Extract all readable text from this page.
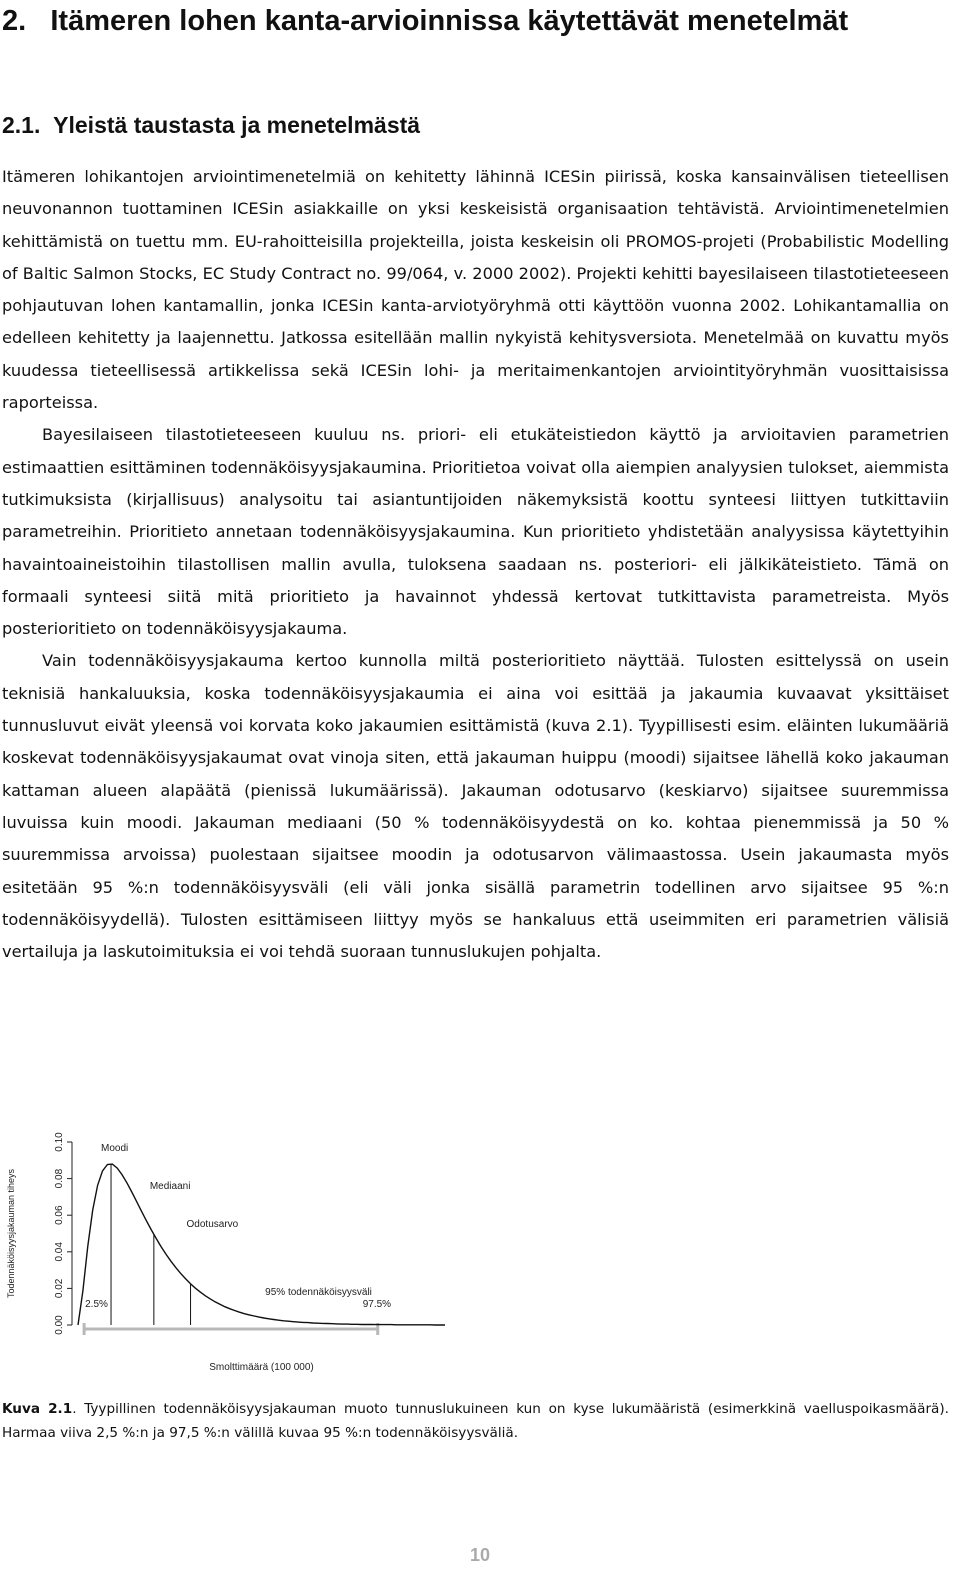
2. Itämeren lohen kanta-arvioinnissa käytettävät menetelmät
2.1. Yleistä taustasta ja menetelmästä

Itämeren lohikantojen arviointimenetelmiä on kehitetty lähinnä ICESin piirissä, koska kansainvälisen tieteellisen neuvonannon tuottaminen ICESin asiakkaille on yksi keskeisistä organisaation tehtävistä. Arviointimenetelmien kehittämistä on tuettu mm. EU-rahoitteisilla projekteilla, joista keskeisin oli PROMOS-projeti (Probabilistic Modelling of Baltic Salmon Stocks, EC Study Contract no. 99/064, v. 2000 2002). Projekti kehitti bayesilaiseen tilastotieteeseen pohjautuvan lohen kantamallin, jonka ICESin kanta-arviotyöryhmä otti käyttöön vuonna 2002. Lohikantamallia on edelleen kehitetty ja laajennettu. Jatkossa esitellään mallin nykyistä kehitysversiota. Menetelmää on kuvattu myös kuudessa tieteellisessä artikkelissa sekä ICESin lohi- ja meritaimenkantojen arviointityöryhmän vuosittaisissa raporteissa.

Bayesilaiseen tilastotieteeseen kuuluu ns. priori- eli etukäteistiedon käyttö ja arvioitavien parametrien estimaattien esittäminen todennäköisyysjakaumina. Prioritietoa voivat olla aiempien analyysien tulokset, aiemmista tutkimuksista (kirjallisuus) analysoitu tai asiantuntijoiden näkemyksistä koottu synteesi liittyen tutkittaviin parametreihin. Prioritieto annetaan todennäköisyysjakaumina. Kun prioritieto yhdistetään analyysissa käytettyihin havaintoaineistoihin tilastollisen mallin avulla, tuloksena saadaan ns. posteriori- eli jälkikäteistieto. Tämä on formaali synteesi siitä mitä prioritieto ja havainnot yhdessä kertovat tutkittavista parametreista. Myös posterioritieto on todennäköisyysjakauma.

Vain todennäköisyysjakauma kertoo kunnolla miltä posterioritieto näyttää. Tulosten esittelyssä on usein teknisiä hankaluuksia, koska todennäköisyysjakaumia ei aina voi esittää ja jakaumia kuvaavat yksittäiset tunnusluvut eivät yleensä voi korvata koko jakaumien esittämistä (kuva 2.1). Tyypillisesti esim. eläinten lukumääriä koskevat todennäköisyysjakaumat ovat vinoja siten, että jakauman huippu (moodi) sijaitsee lähellä koko jakauman kattaman alueen alapäätä (pienissä lukumäärissä). Jakauman odotusarvo (keskiarvo) sijaitsee suuremmissa luvuissa kuin moodi. Jakauman mediaani (50 % todennäköisyydestä on ko. kohtaa pienemmissä ja 50 % suuremmissa arvoissa) puolestaan sijaitsee moodin ja odotusarvon välimaastossa. Usein jakaumasta myös esitetään 95 %:n todennäköisyysväli (eli väli jonka sisällä parametrin todellinen arvo sijaitsee 95 %:n todennäköisyydellä). Tulosten esittämiseen liittyy myös se hankaluus että useimmiten eri parametrien välisiä vertailuja ja laskutoimituksia ei voi tehdä suoraan tunnuslukujen pohjalta.

0.00
0.02
0.04
0.06
0.08
0.10
Todennäköisyysjakauman tiheys
Smolttimäärä (100 000)
Moodi
Mediaani
Odotusarvo
95% todennäköisyysväli
2.5%	97.5%
Kuva 2.1. Tyypillinen todennäköisyysjakauman muoto tunnuslukuineen kun on kyse lukumääristä (esimerkkinä vaelluspoikasmäärä). Harmaa viiva 2,5 %:n ja 97,5 %:n välillä kuvaa 95 %:n todennäköisyysväliä.
10
